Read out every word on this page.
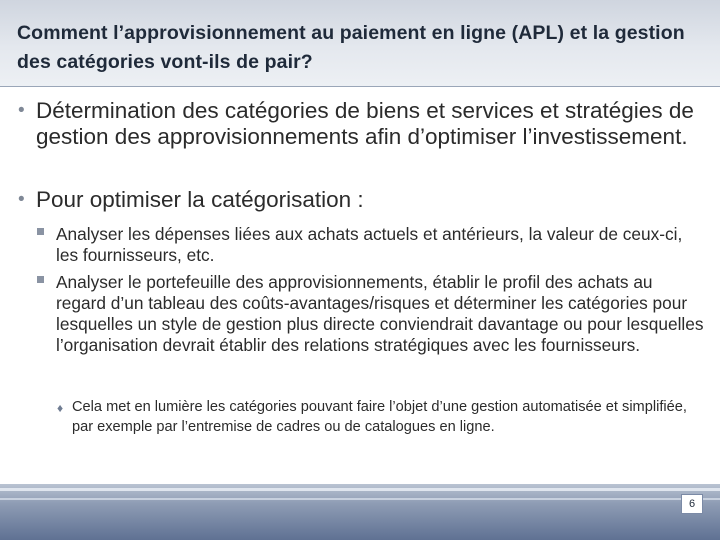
Comment l’approvisionnement au paiement en ligne (APL) et la gestion des catégories vont-ils de pair?
• Détermination des catégories de biens et services et stratégies de gestion des approvisionnements afin d’optimiser l’investissement.
• Pour optimiser la catégorisation :
Analyser les dépenses liées aux achats actuels et antérieurs, la valeur de ceux-ci, les fournisseurs, etc.
Analyser le portefeuille des approvisionnements, établir le profil des achats au regard d’un tableau des coûts-avantages/risques et déterminer les catégories pour lesquelles un style de gestion plus directe conviendrait davantage ou pour lesquelles l’organisation devrait établir des relations stratégiques avec les fournisseurs.
♦ Cela met en lumière les catégories pouvant faire l’objet d’une gestion automatisée et simplifiée, par exemple par l’entremise de cadres ou de catalogues en ligne.
6
